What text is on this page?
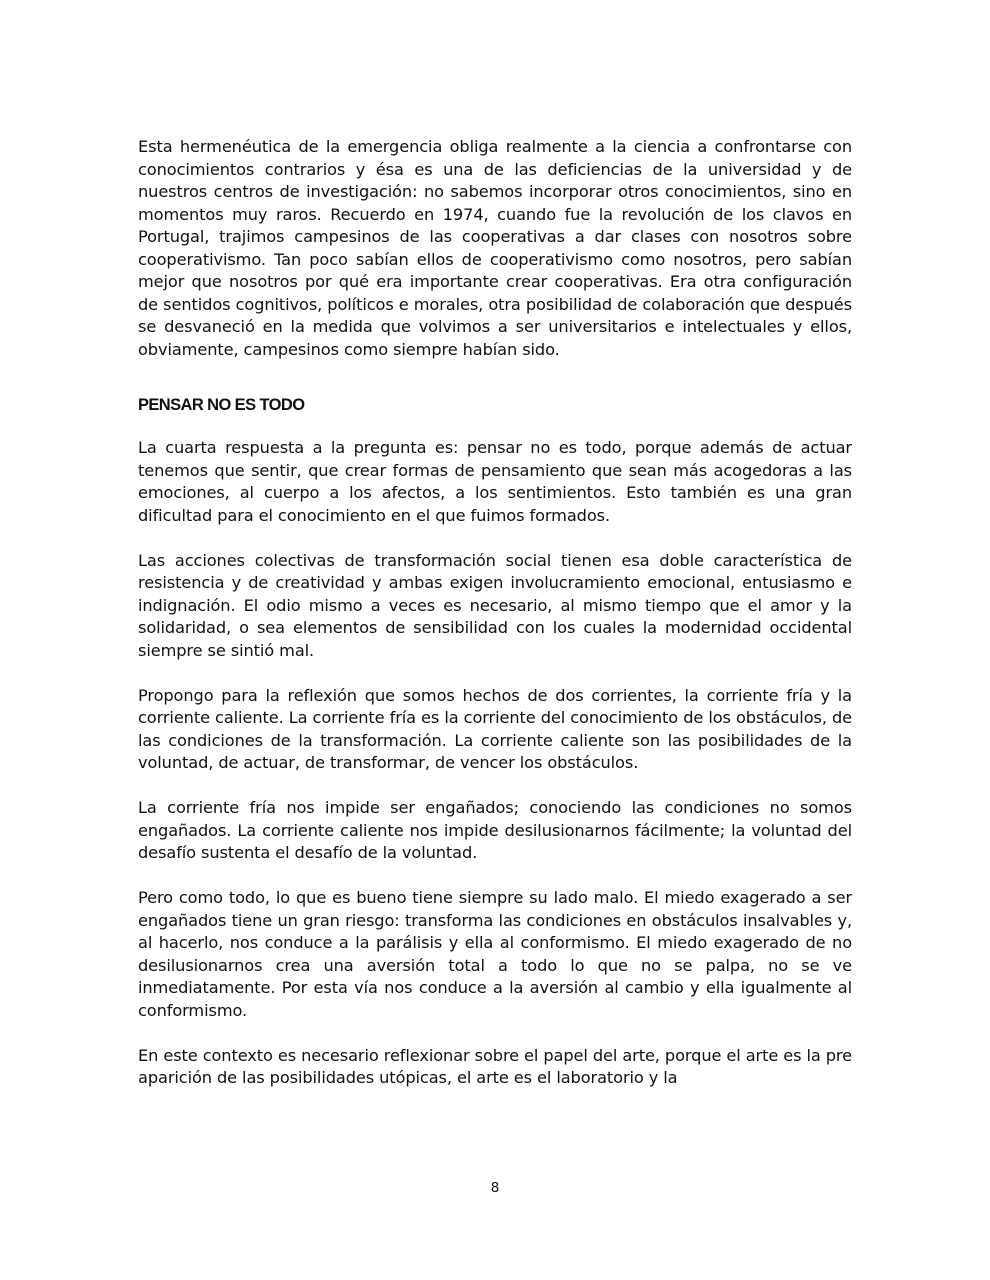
Esta hermenéutica de la emergencia obliga realmente a la ciencia a confrontarse con conocimientos contrarios y ésa es una de las deficiencias de la universidad y de nuestros centros de investigación: no sabemos incorporar otros conocimientos, sino en momentos muy raros. Recuerdo en 1974, cuando fue la revolución de los clavos en Portugal, trajimos campesinos de las cooperativas a dar clases con nosotros sobre cooperativismo. Tan poco sabían ellos de cooperativismo como nosotros, pero sabían mejor que nosotros por qué era importante crear cooperativas. Era otra configuración de sentidos cognitivos, políticos e morales, otra posibilidad de colaboración que después se desvaneció en la medida que volvimos a ser universitarios e intelectuales y ellos, obviamente, campesinos como siempre habían sido.

PENSAR NO ES TODO

La cuarta respuesta a la pregunta es: pensar no es todo, porque además de actuar tenemos que sentir, que crear formas de pensamiento que sean más acogedoras a las emociones, al cuerpo a los afectos, a los sentimientos. Esto también es una gran dificultad para el conocimiento en el que fuimos formados.

Las acciones colectivas de transformación social tienen esa doble característica de resistencia y de creatividad y ambas exigen involucramiento emocional, entusiasmo e indignación. El odio mismo a veces es necesario, al mismo tiempo que el amor y la solidaridad, o sea elementos de sensibilidad con los cuales la modernidad occidental siempre se sintió mal.

Propongo para la reflexión que somos hechos de dos corrientes, la corriente fría y la corriente caliente. La corriente fría es la corriente del conocimiento de los obstáculos, de las condiciones de la transformación. La corriente caliente son las posibilidades de la voluntad, de actuar, de transformar, de vencer los obstáculos.

La corriente fría nos impide ser engañados; conociendo las condiciones no somos engañados. La corriente caliente nos impide desilusionarnos fácilmente; la voluntad del desafío sustenta el desafío de la voluntad.

Pero como todo, lo que es bueno tiene siempre su lado malo. El miedo exagerado a ser engañados tiene un gran riesgo: transforma las condiciones en obstáculos insalvables y, al hacerlo, nos conduce a la parálisis y ella al conformismo. El miedo exagerado de no desilusionarnos crea una aversión total a todo lo que no se palpa, no se ve inmediatamente. Por esta vía nos conduce a la aversión al cambio y ella igualmente al conformismo.

En este contexto es necesario reflexionar sobre el papel del arte, porque el arte es la pre aparición de las posibilidades utópicas, el arte es el laboratorio y la

8
